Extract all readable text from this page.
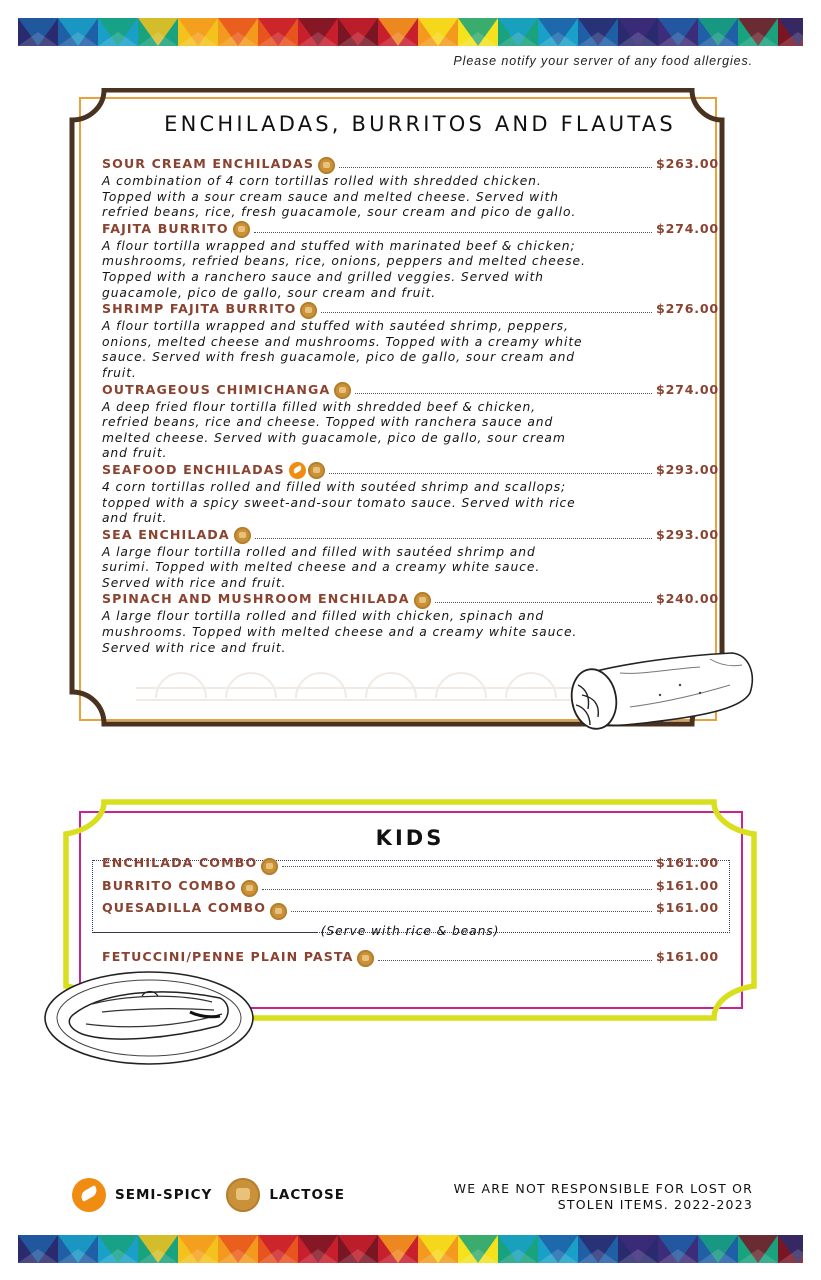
Please notify your server of any food allergies.
ENCHILADAS, BURRITOS AND FLAUTAS
SOUR CREAM ENCHILADAS	$263.00
A combination of 4 corn tortillas rolled with shredded chicken.
Topped with a sour cream sauce and melted cheese. Served with
refried beans, rice, fresh guacamole, sour cream and pico de gallo.
FAJITA BURRITO	$274.00
A flour tortilla wrapped and stuffed with marinated beef & chicken;
mushrooms, refried beans, rice, onions, peppers and melted cheese.
Topped with a ranchero sauce and grilled veggies. Served with
guacamole, pico de gallo, sour cream and fruit.
SHRIMP FAJITA BURRITO	$276.00
A flour tortilla wrapped and stuffed with sautéed shrimp, peppers,
onions, melted cheese and mushrooms. Topped with a creamy white
sauce. Served with fresh guacamole, pico de gallo, sour cream and
fruit.
OUTRAGEOUS CHIMICHANGA	$274.00
A deep fried flour tortilla filled with shredded beef & chicken,
refried beans, rice and cheese. Topped with ranchera sauce and
melted cheese. Served with guacamole, pico de gallo, sour cream
and fruit.
SEAFOOD ENCHILADAS	$293.00
4 corn tortillas rolled and filled with soutéed shrimp and scallops;
topped with a spicy sweet-and-sour tomato sauce. Served with rice
and fruit.
SEA ENCHILADA	$293.00
A large flour tortilla rolled and filled with sautéed shrimp and
surimi. Topped with melted cheese and a creamy white sauce.
Served with rice and fruit.
SPINACH AND MUSHROOM ENCHILADA	$240.00
A large flour tortilla rolled and filled with chicken, spinach and
mushrooms. Topped with melted cheese and a creamy white sauce.
Served with rice and fruit.
KIDS
ENCHILADA COMBO	$161.00
BURRITO COMBO	$161.00
QUESADILLA COMBO	$161.00
(Serve with rice & beans)
FETUCCINI/PENNE PLAIN PASTA	$161.00
SEMI-SPICY	LACTOSE	WE ARE NOT RESPONSIBLE FOR LOST OR
STOLEN ITEMS. 2022-2023
